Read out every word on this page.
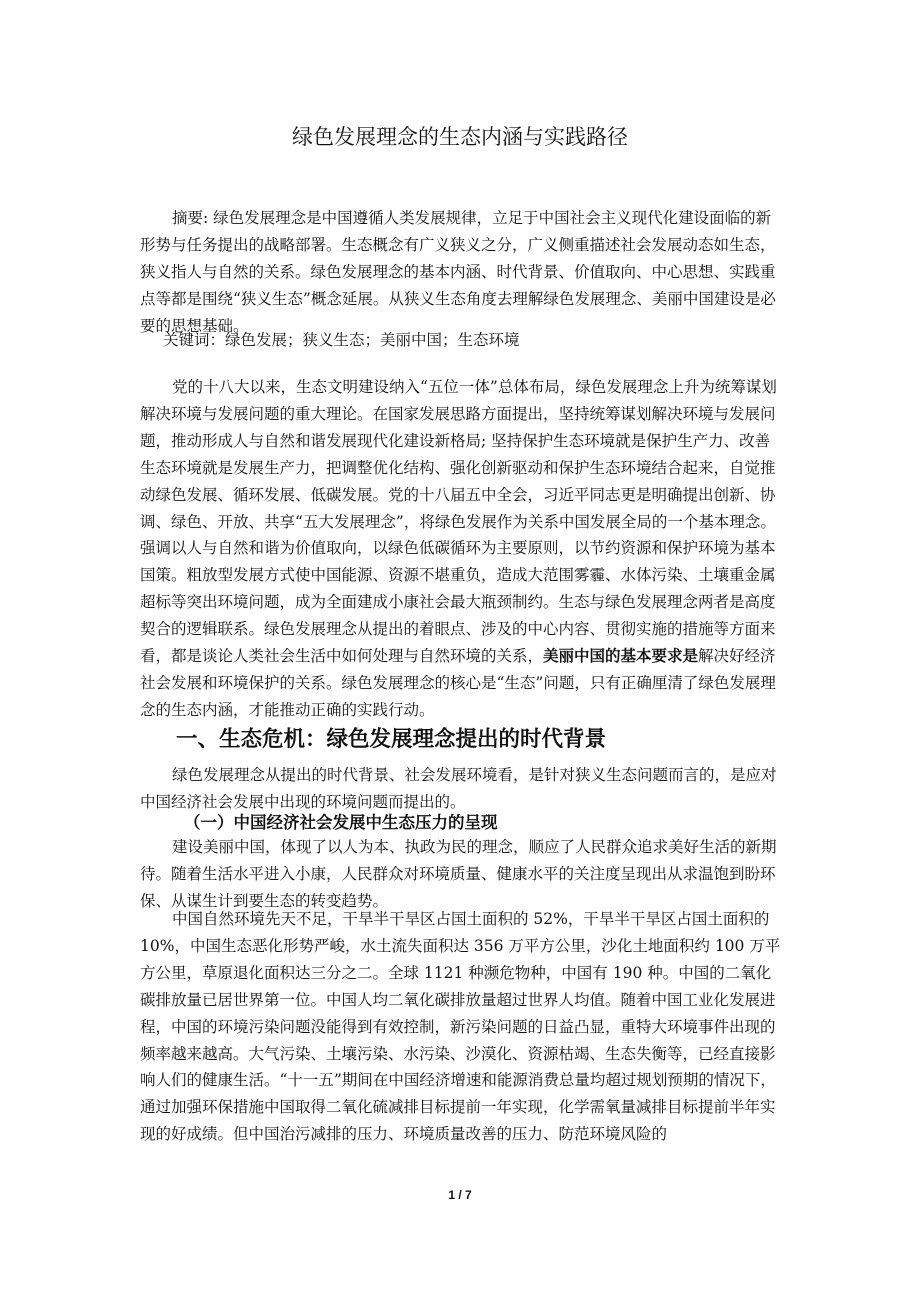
绿色发展理念的生态内涵与实践路径

摘要: 绿色发展理念是中国遵循人类发展规律，立足于中国社会主义现代化建设面临的新形势与任务提出的战略部署。生态概念有广义狭义之分，广义侧重描述社会发展动态如生态，狭义指人与自然的关系。绿色发展理念的基本内涵、时代背景、价值取向、中心思想、实践重点等都是围绕“狭义生态”概念延展。从狭义生态角度去理解绿色发展理念、美丽中国建设是必要的思想基础。

关键词：绿色发展；狭义生态；美丽中国；生态环境

党的十八大以来，生态文明建设纳入“五位一体”总体布局，绿色发展理念上升为统筹谋划解决环境与发展问题的重大理论。在国家发展思路方面提出，坚持统筹谋划解决环境与发展问题，推动形成人与自然和谐发展现代化建设新格局; 坚持保护生态环境就是保护生产力、改善生态环境就是发展生产力，把调整优化结构、强化创新驱动和保护生态环境结合起来，自觉推动绿色发展、循环发展、低碳发展。党的十八届五中全会，习近平同志更是明确提出创新、协调、绿色、开放、共享“五大发展理念”，将绿色发展作为关系中国发展全局的一个基本理念。强调以人与自然和谐为价值取向，以绿色低碳循环为主要原则，以节约资源和保护环境为基本国策。粗放型发展方式使中国能源、资源不堪重负，造成大范围雾霾、水体污染、土壤重金属超标等突出环境问题，成为全面建成小康社会最大瓶颈制约。生态与绿色发展理念两者是高度契合的逻辑联系。绿色发展理念从提出的着眼点、涉及的中心内容、贯彻实施的措施等方面来看，都是谈论人类社会生活中如何处理与自然环境的关系，美丽中国的基本要求是解决好经济社会发展和环境保护的关系。绿色发展理念的核心是“生态”问题，只有正确厘清了绿色发展理念的生态内涵，才能推动正确的实践行动。

一、生态危机：绿色发展理念提出的时代背景

绿色发展理念从提出的时代背景、社会发展环境看，是针对狭义生态问题而言的，是应对中国经济社会发展中出现的环境问题而提出的。

（一）中国经济社会发展中生态压力的呈现

建设美丽中国，体现了以人为本、执政为民的理念，顺应了人民群众追求美好生活的新期待。随着生活水平进入小康，人民群众对环境质量、健康水平的关注度呈现出从求温饱到盼环保、从谋生计到要生态的转变趋势。

中国自然环境先天不足，干旱半干旱区占国土面积的 52%，干旱半干旱区占国土面积的 10%，中国生态恶化形势严峻，水土流失面积达 356 万平方公里，沙化土地面积约 100 万平方公里，草原退化面积达三分之二。全球 1121 种濒危物种，中国有 190 种。中国的二氧化碳排放量已居世界第一位。中国人均二氧化碳排放量超过世界人均值。随着中国工业化发展进程，中国的环境污染问题没能得到有效控制，新污染问题的日益凸显，重特大环境事件出现的频率越来越高。大气污染、土壤污染、水污染、沙漠化、资源枯竭、生态失衡等，已经直接影响人们的健康生活。“十一五”期间在中国经济增速和能源消费总量均超过规划预期的情况下，通过加强环保措施中国取得二氧化硫减排目标提前一年实现，化学需氧量减排目标提前半年实现的好成绩。但中国治污减排的压力、环境质量改善的压力、防范环境风险的

1 / 7
